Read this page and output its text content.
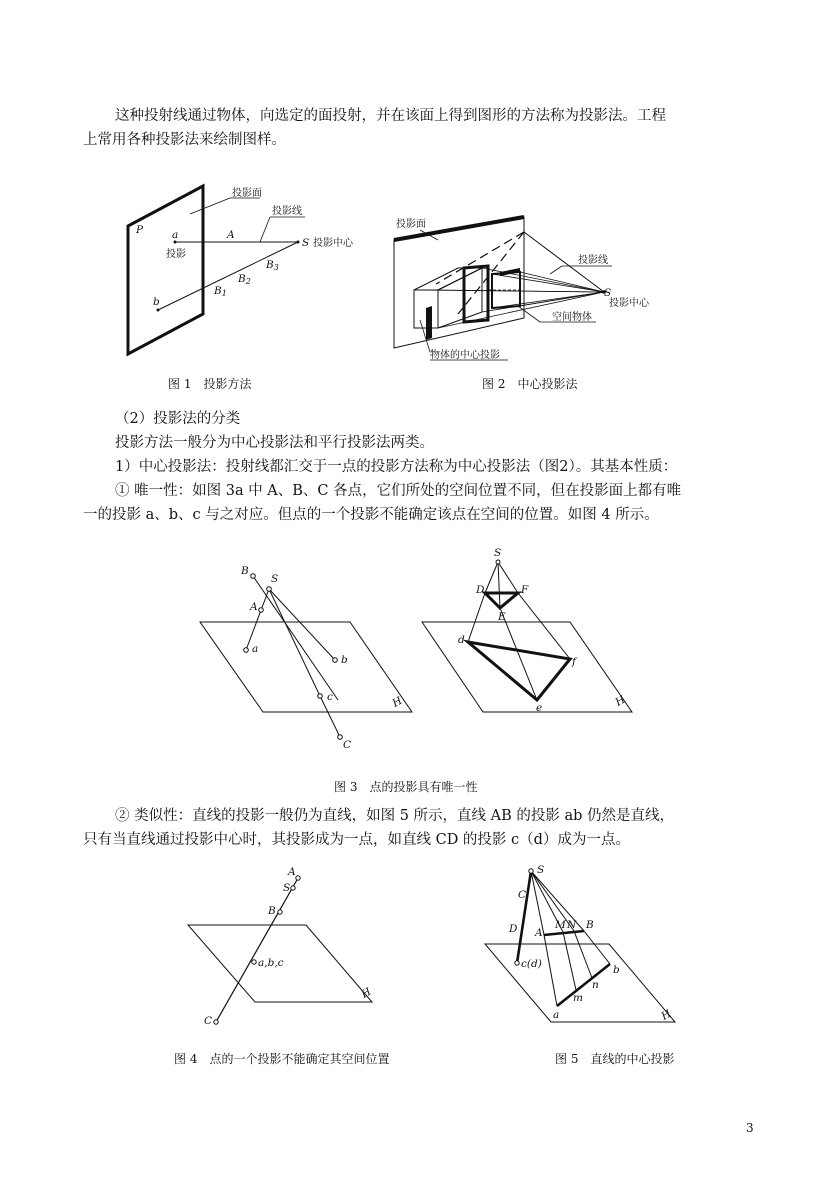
这种投射线通过物体，向选定的面投射，并在该面上得到图形的方法称为投影法。工程

上常用各种投影法来绘制图样。

投影面
投影线
P	a
投影
A
S 投影中心
B3
B2
B1
b

图 1　投影方法

投影面
投影线
S
投影中心
空间物体
物体的中心投影

图 2　中心投影法

（2）投影法的分类

投影方法一般分为中心投影法和平行投影法两类。

1）中心投影法：投射线都汇交于一点的投影方法称为中心投影法（图2）。其基本性质：

① 唯一性：如图 3a 中 A、B、C 各点，它们所处的空间位置不同，但在投影面上都有唯

一的投影 a、b、c 与之对应。但点的一个投影不能确定该点在空间的位置。如图 4 所示。

B
S
A
a
b
c
C
H
S
D	F
E
d
f
e	H

图 3　点的投影具有唯一性

② 类似性：直线的投影一般仍为直线，如图 5 所示，直线 AB 的投影 ab 仍然是直线，

只有当直线通过投影中心时，其投影成为一点，如直线 CD 的投影 c（d）成为一点。

A
S
B
a,b,c
C
H

图 4　点的一个投影不能确定其空间位置

S
C
D A
M N B
c(d)	b
n
m
a	H

图 5　直线的中心投影

3
